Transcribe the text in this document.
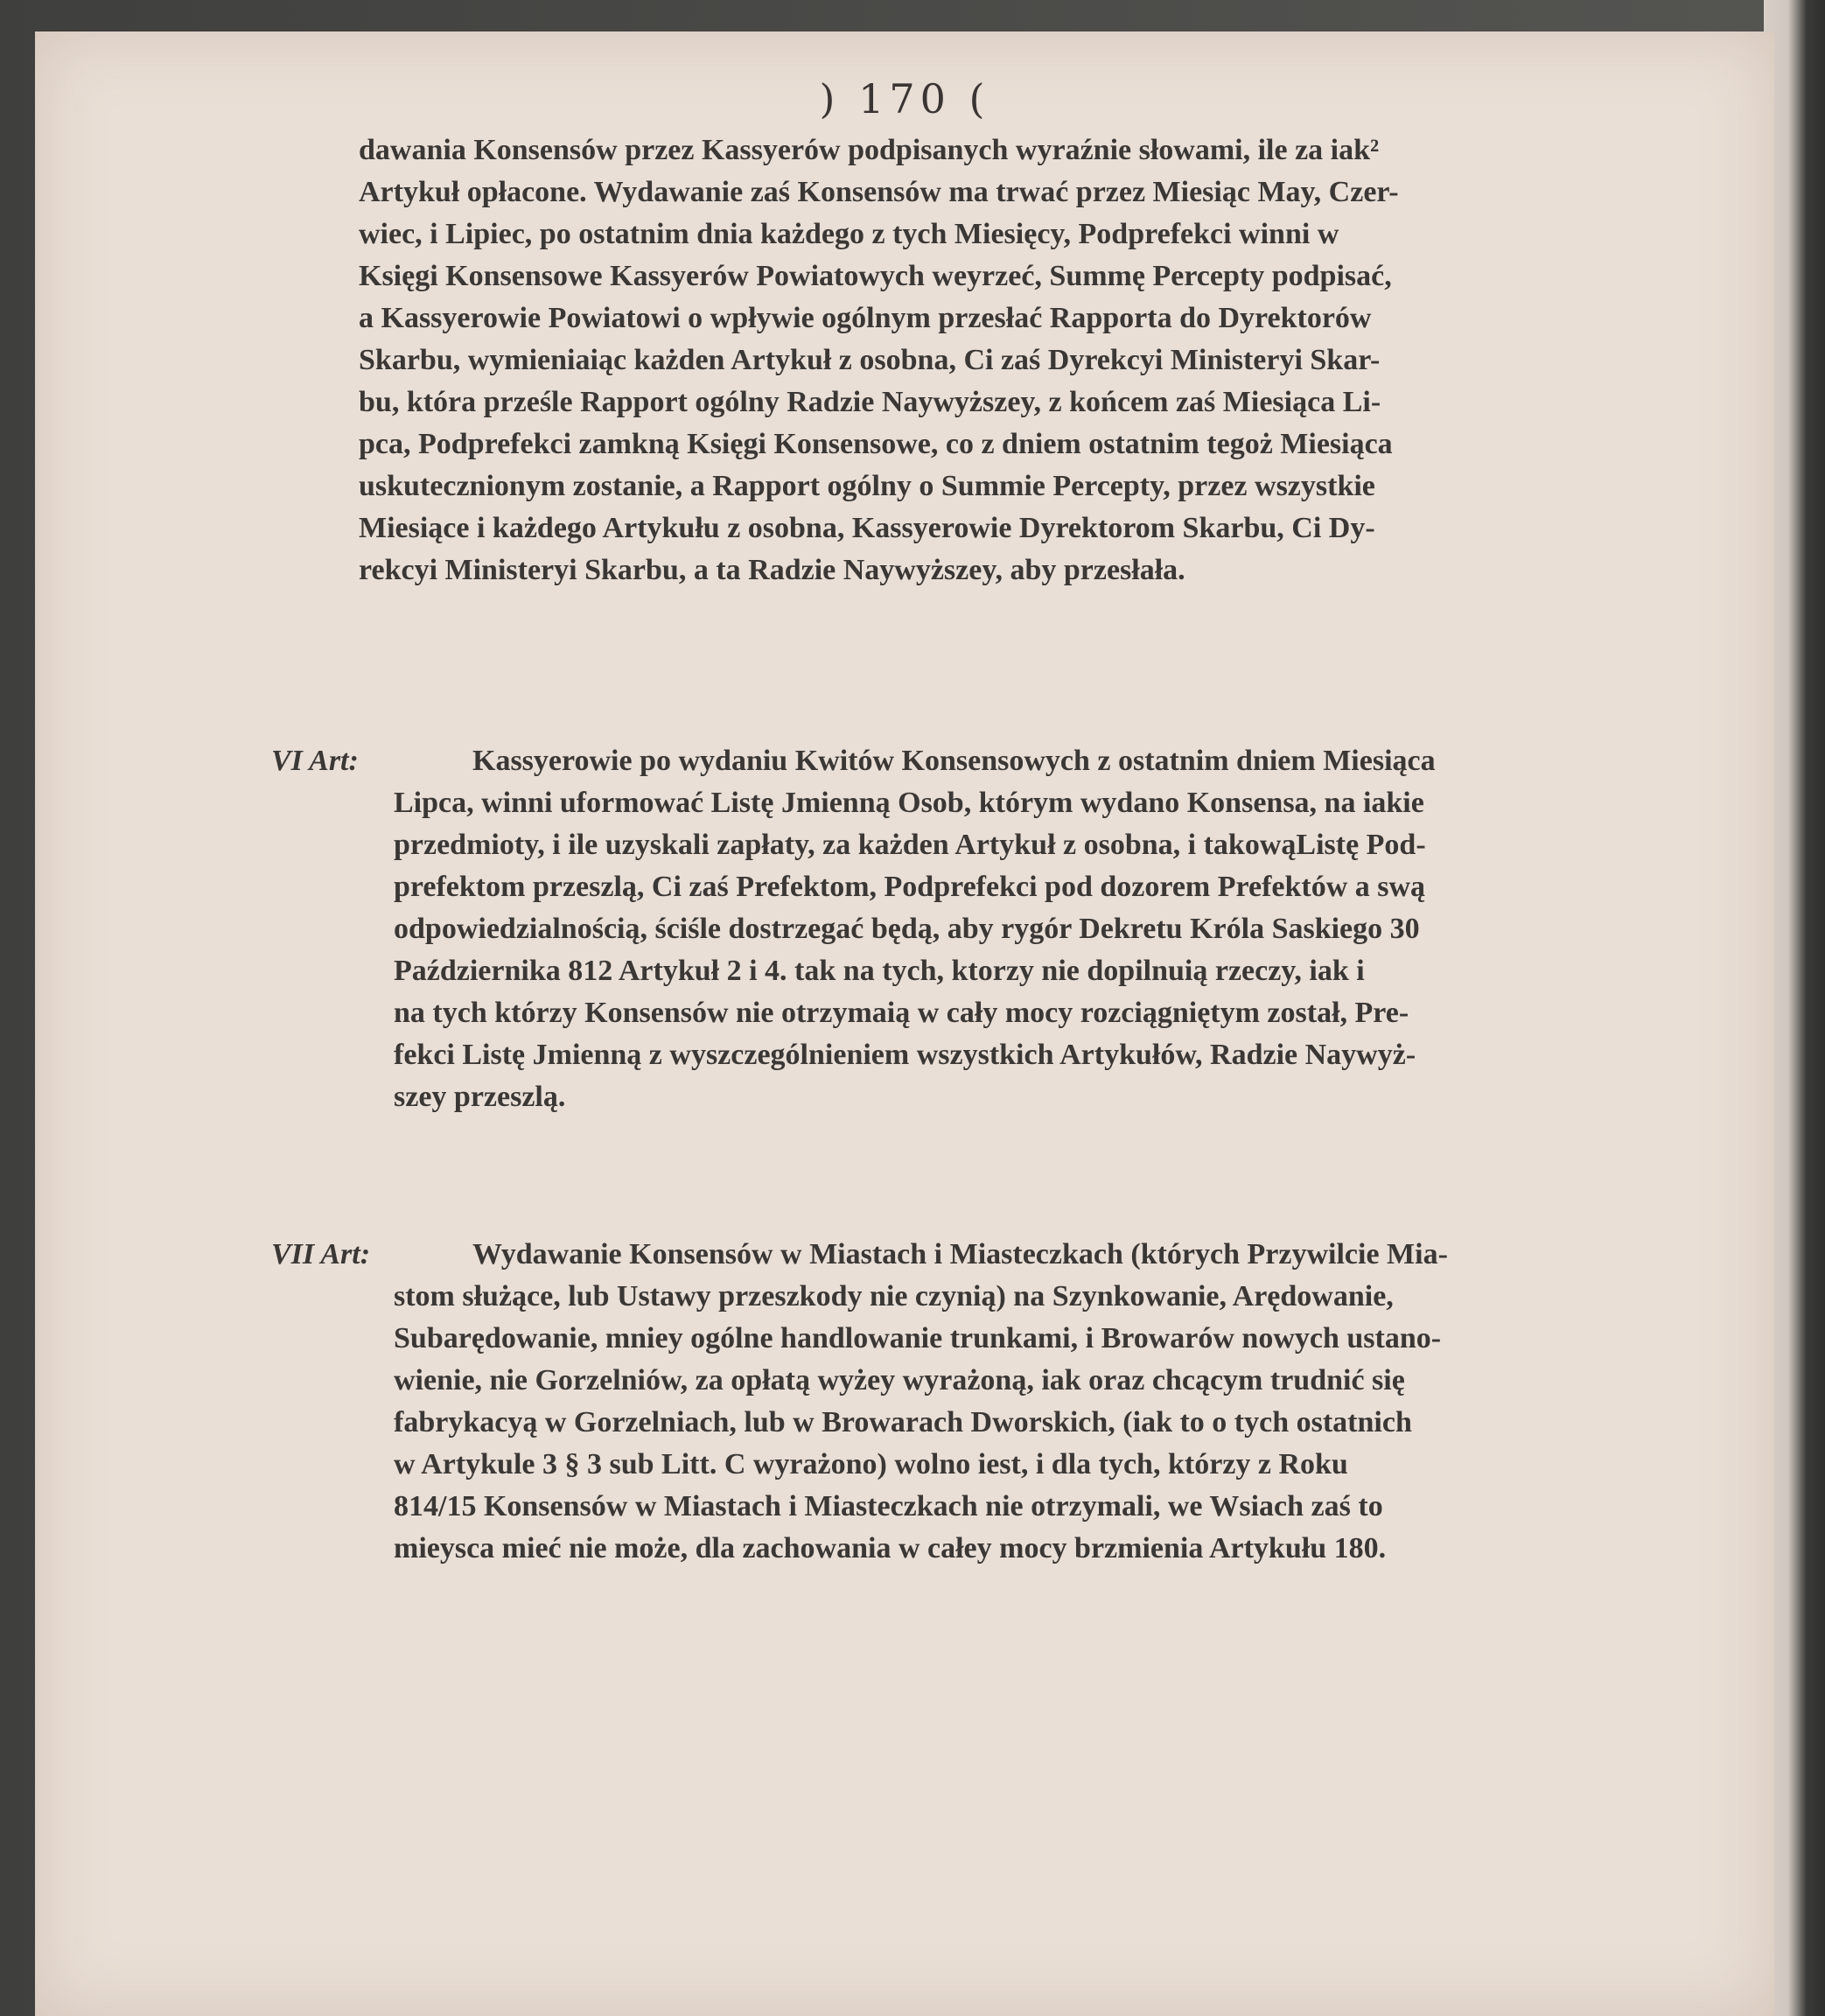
) 170 (
dawania Konsensów przez Kassyerów podpisanych wyraźnie słowami, ile za iak²
Artykuł opłacone. Wydawanie zaś Konsensów ma trwać przez Miesiąc May, Czer-
wiec, i Lipiec, po ostatnim dnia każdego z tych Miesięcy, Podprefekci winni w
Księgi Konsensowe Kassyerów Powiatowych weyrzeć, Summę Percepty podpisać,
a Kassyerowie Powiatowi o wpływie ogólnym przesłać Rapporta do Dyrektorów
Skarbu, wymieniaiąc każden Artykuł z osobna, Ci zaś Dyrekcyi Ministeryi Skar-
bu, która prześle Rapport ogólny Radzie Naywyższey, z końcem zaś Miesiąca Li-
pca, Podprefekci zamkną Księgi Konsensowe, co z dniem ostatnim tegoż Miesiąca
uskutecznionym zostanie, a Rapport ogólny o Summie Percepty, przez wszystkie
Miesiące i każdego Artykułu z osobna, Kassyerowie Dyrektorom Skarbu, Ci Dy-
rekcyi Ministeryi Skarbu, a ta Radzie Naywyższey, aby przesłała.
VI Art:	Kassyerowie po wydaniu Kwitów Konsensowych z ostatnim dniem Miesiąca
Lipca, winni uformować Listę Jmienną Osob, którym wydano Konsensa, na iakie
przedmioty, i ile uzyskali zapłaty, za każden Artykuł z osobna, i takowąListę Pod-
prefektom przeszlą, Ci zaś Prefektom, Podprefekci pod dozorem Prefektów a swą
odpowiedzialnością, ściśle dostrzegać będą, aby rygór Dekretu Króla Saskiego 30
Października 812 Artykuł 2 i 4. tak na tych, ktorzy nie dopilnuią rzeczy, iak i
na tych którzy Konsensów nie otrzymaią w cały mocy rozciągniętym został, Pre-
fekci Listę Jmienną z wyszczególnieniem wszystkich Artykułów, Radzie Naywyż-
szey przeszlą.
VII Art:	Wydawanie Konsensów w Miastach i Miasteczkach (których Przywilcie Mia-
stom służące, lub Ustawy przeszkody nie czynią) na Szynkowanie, Arędowanie,
Subarędowanie, mniey ogólne handlowanie trunkami, i Browarów nowych ustano-
wienie, nie Gorzelniów, za opłatą wyżey wyrażoną, iak oraz chcącym trudnić się
fabrykacyą w Gorzelniach, lub w Browarach Dworskich, (iak to o tych ostatnich
w Artykule 3 § 3 sub Litt. C wyrażono) wolno iest, i dla tych, którzy z Roku
814/15 Konsensów w Miastach i Miasteczkach nie otrzymali, we Wsiach zaś to
mieysca mieć nie może, dla zachowania w całey mocy brzmienia Artykułu 180.
